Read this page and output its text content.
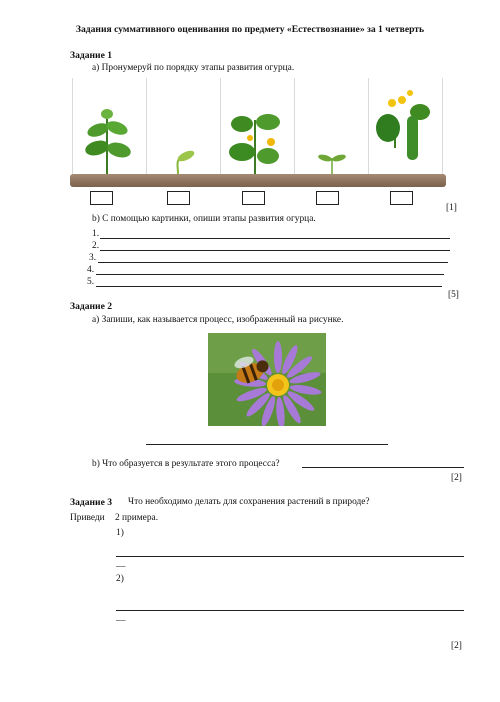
Задания суммативного оценивания по предмету «Естествознание» за 1 четверть
Задание 1
a) Пронумеруй по порядку этапы развития огурца.
[1]
b) С помощью картинки, опиши этапы развития огурца.
1.
2.
3.
4.
5.
[5]
Задание 2
a) Запиши, как называется процесс, изображенный на рисунке.
b) Что образуется в результате этого процесса?
[2]
Задание 3 Что необходимо делать для сохранения растений в природе?
Приведи 2 примера.
1)
__
2)
__
[2]
